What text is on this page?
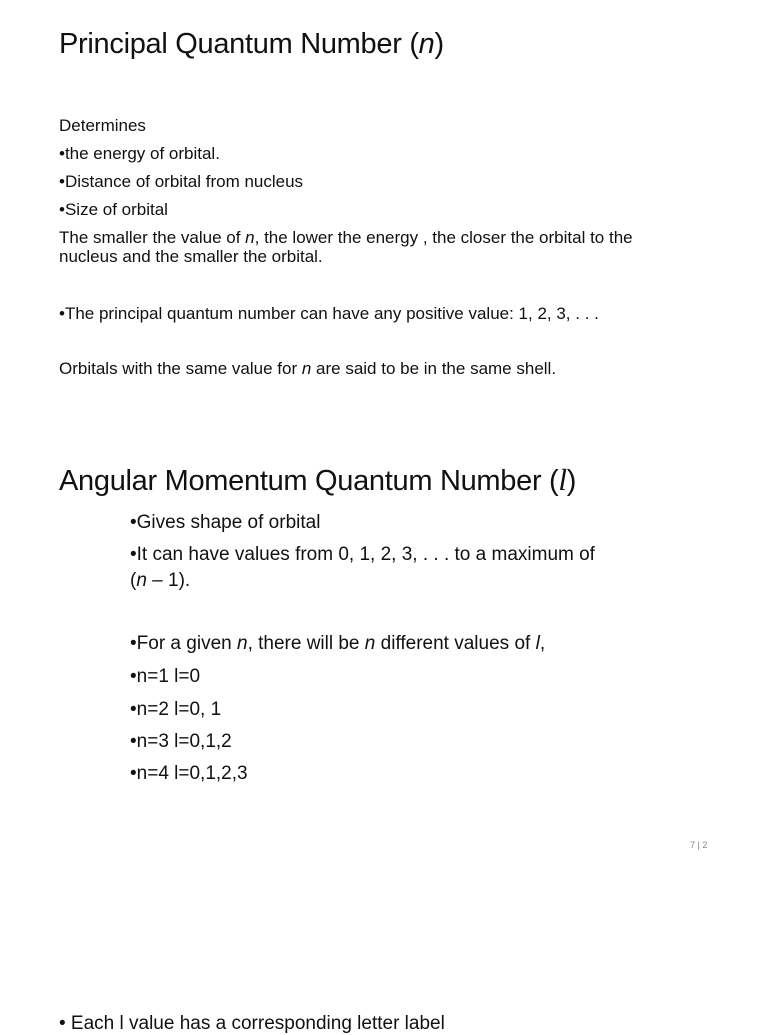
Principal Quantum Number (n)
Determines
•the energy of orbital.
•Distance of orbital from nucleus
•Size of orbital
The smaller the value of n, the lower the energy , the closer the orbital to the
nucleus and the smaller the orbital.
•The principal quantum number can have any positive value: 1, 2, 3, . . .
Orbitals with the same value for n are said to be in the same shell.
Angular Momentum Quantum Number (l)
•Gives shape of orbital
•It can have values from 0, 1, 2, 3, . . . to a maximum of
(n – 1).
•For a given n, there will be n different values of l,
•n=1 l=0
•n=2 l=0, 1
•n=3 l=0,1,2
•n=4 l=0,1,2,3
7 | 2
• Each l value has a corresponding letter label
